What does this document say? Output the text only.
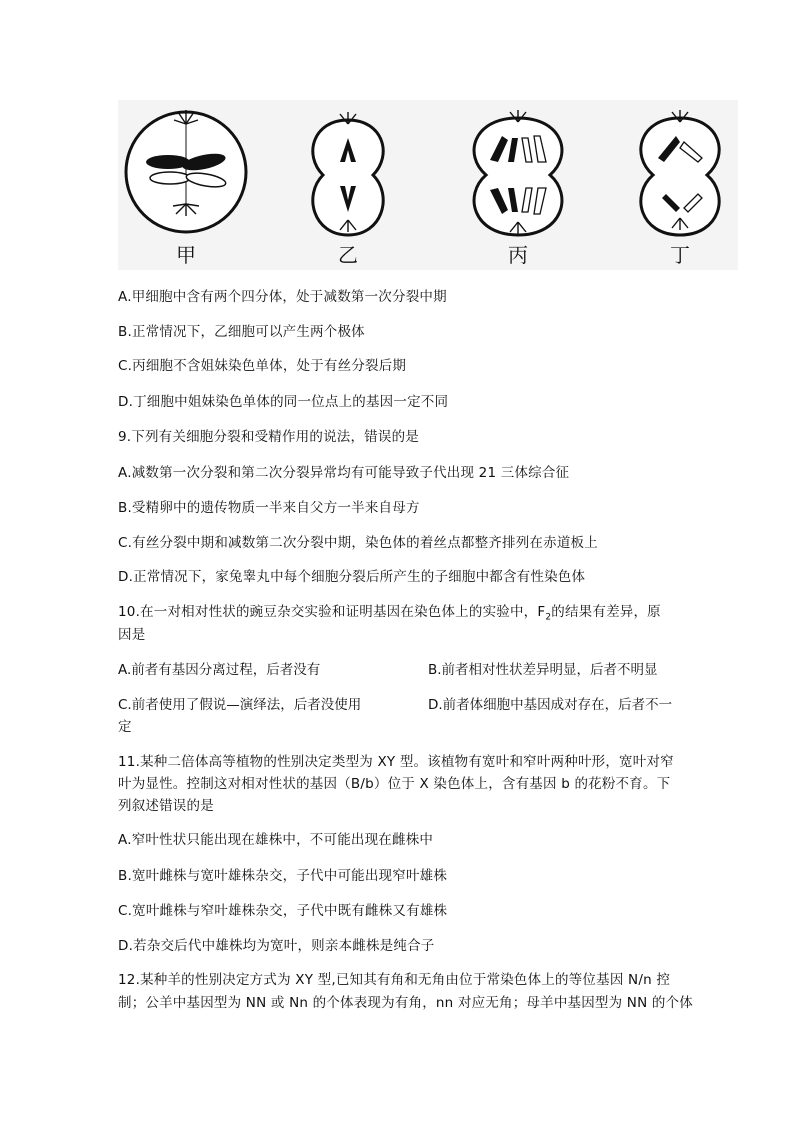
甲	乙	丙	丁
A.甲细胞中含有两个四分体，处于减数第一次分裂中期
B.正常情况下，乙细胞可以产生两个极体
C.丙细胞不含姐妹染色单体，处于有丝分裂后期
D.丁细胞中姐妹染色单体的同一位点上的基因一定不同
9.下列有关细胞分裂和受精作用的说法，错误的是
A.减数第一次分裂和第二次分裂异常均有可能导致子代出现 21 三体综合征
B.受精卵中的遗传物质一半来自父方一半来自母方
C.有丝分裂中期和减数第二次分裂中期，染色体的着丝点都整齐排列在赤道板上
D.正常情况下，家兔睾丸中每个细胞分裂后所产生的子细胞中都含有性染色体
10.在一对相对性状的豌豆杂交实验和证明基因在染色体上的实验中，$F_2$的结果有差异，原
因是
A.前者有基因分离过程，后者没有	B.前者相对性状差异明显，后者不明显
C.前者使用了假说—演绎法，后者没使用	D.前者体细胞中基因成对存在，后者不一
定
11.某种二倍体高等植物的性别决定类型为 XY 型。该植物有宽叶和窄叶两种叶形，宽叶对窄
叶为显性。控制这对相对性状的基因（B/b）位于 X 染色体上，含有基因 b 的花粉不育。下
列叙述错误的是
A.窄叶性状只能出现在雄株中，不可能出现在雌株中
B.宽叶雌株与宽叶雄株杂交，子代中可能出现窄叶雄株
C.宽叶雌株与窄叶雄株杂交，子代中既有雌株又有雄株
D.若杂交后代中雄株均为宽叶，则亲本雌株是纯合子
12.某种羊的性别决定方式为 XY 型,已知其有角和无角由位于常染色体上的等位基因 N/n 控
制；公羊中基因型为 NN 或 Nn 的个体表现为有角，nn 对应无角；母羊中基因型为 NN 的个体
